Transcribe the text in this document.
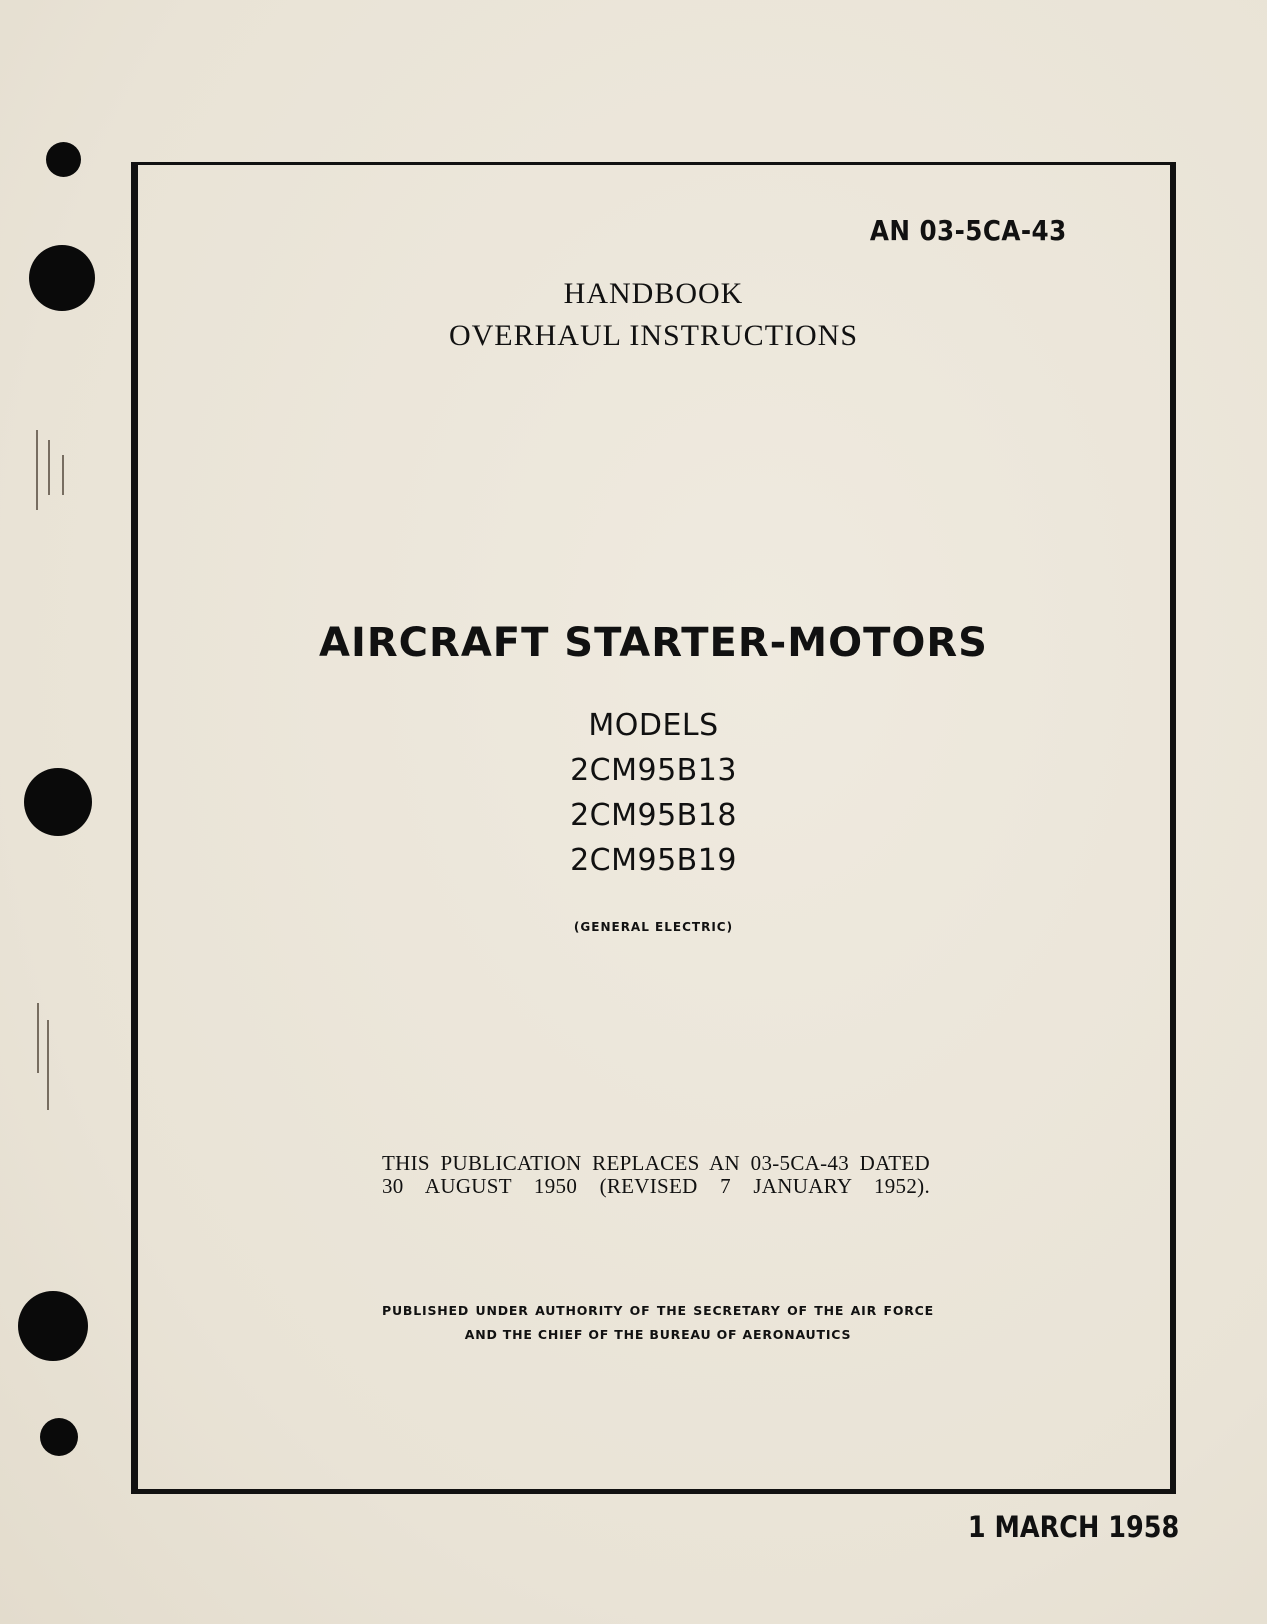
AN 03-5CA-43
HANDBOOK
OVERHAUL INSTRUCTIONS
AIRCRAFT STARTER-MOTORS
MODELS
2CM95B13
2CM95B18
2CM95B19
(GENERAL ELECTRIC)
THIS PUBLICATION REPLACES AN 03-5CA-43 DATED
30 AUGUST 1950 (REVISED 7 JANUARY 1952).
PUBLISHED UNDER AUTHORITY OF THE SECRETARY OF THE AIR FORCE
AND THE CHIEF OF THE BUREAU OF AERONAUTICS
1 MARCH 1958
